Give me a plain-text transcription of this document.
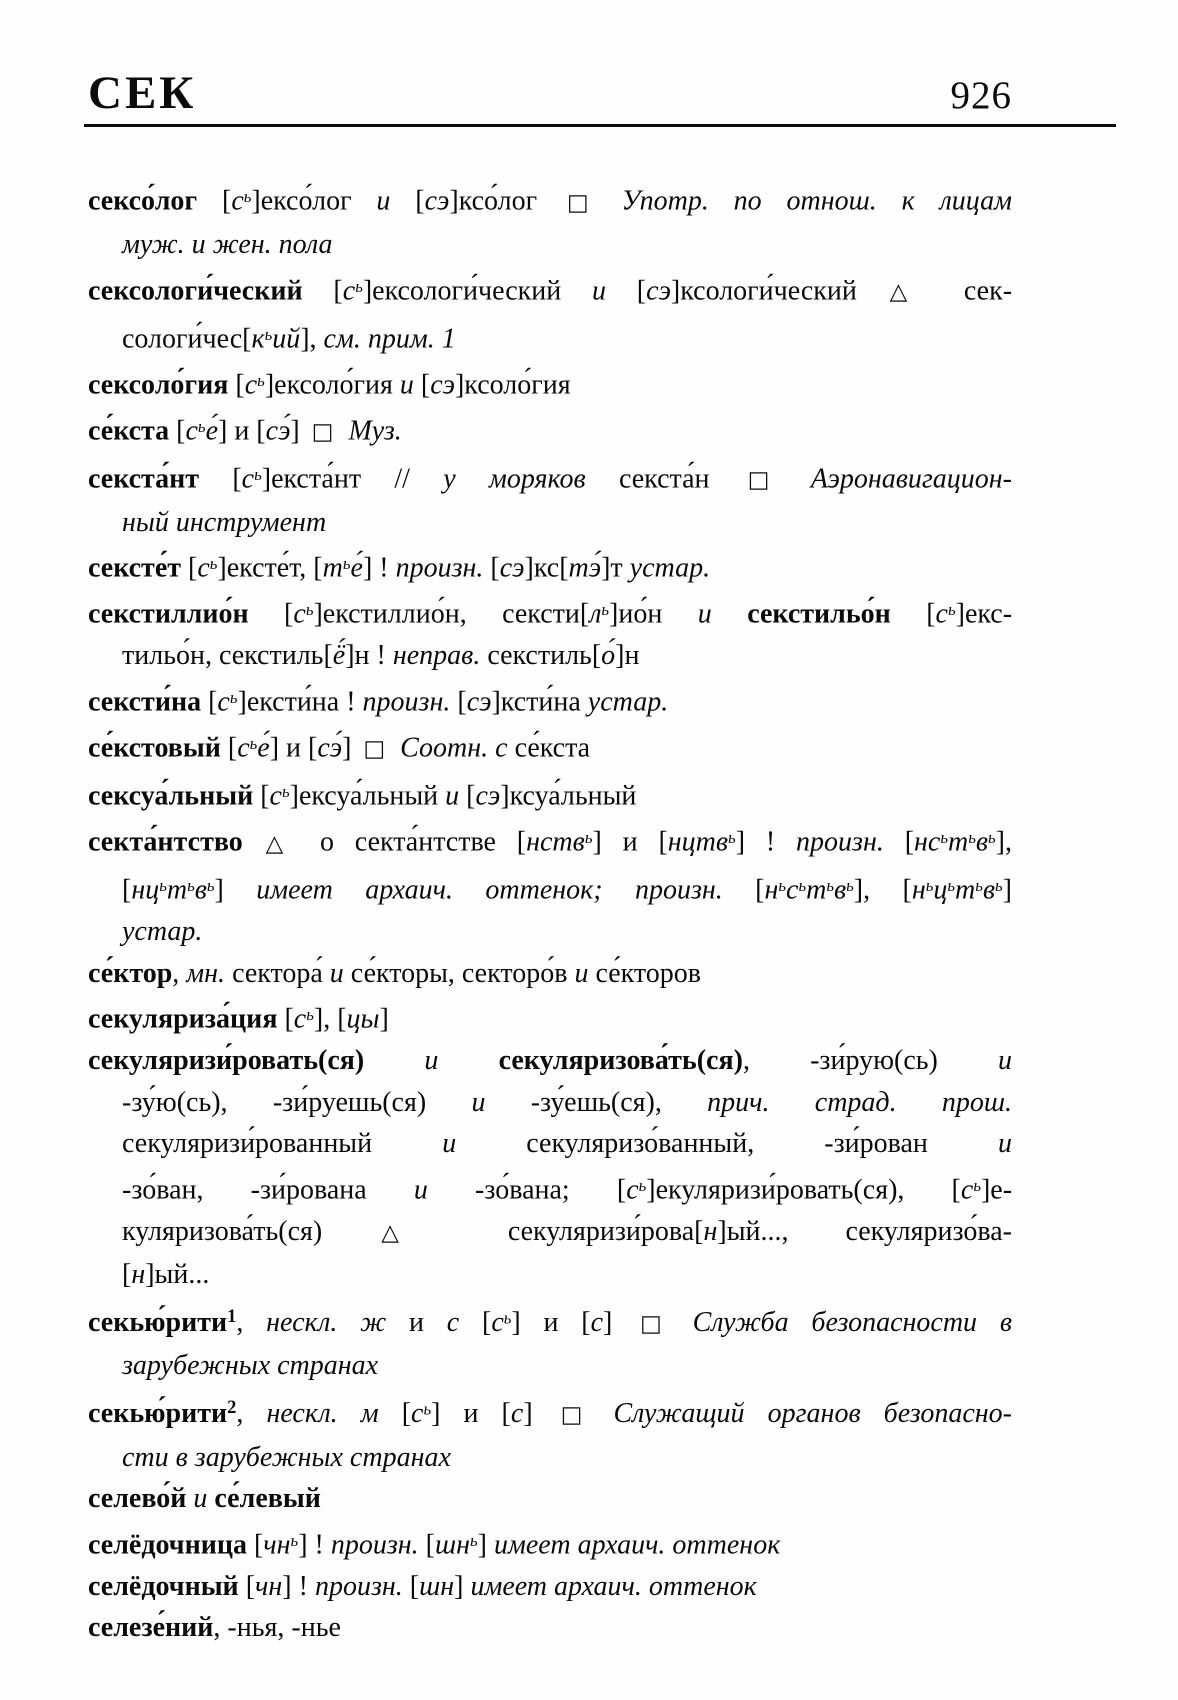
СЕК	926
сексо́лог $[с^ь]ексо́лог$ и [сэ]ксо́лог □ Употр. по отнош. к лицам
муж. и жен. пола
сексологи́ческий $[с^ь]ексологи́ческий$ и [сэ]ксологи́ческий △ сек-
$сологи́чес[к^ьий]$, см. прим. 1
сексоло́гия $[с^ь]ексоло́гия$ и [сэ]ксоло́гия
се́кста $[с^ье́]$ и [сэ́] □ Муз.
секста́нт $[с^ь]екста́нт$ // у моряков секста́н □ Аэронавигацион-
ный инструмент
сексте́т $[с^ь]ексте́т$, $[т^ье́]$ ! произн. [сэ]кс[тэ́]т устар.
секстиллио́н $[с^ь]екстиллио́н$, $сексти[л^ь]ио́н$ и секстильо́н $[с^ь]екс-$
тильо́н, секстиль[ё́]н ! неправ. секстиль[о́]н
сексти́на $[с^ь]eксти́на$ ! произн. [сэ]ксти́на устар.
се́кстовый $[с^ье́]$ и [сэ́] □ Соотн. с се́кста
сексуа́льный $[с^ь]ексуа́льный$ и [сэ]ксуа́льный
секта́нтство △ о секта́нтстве [нств$^ь$] и [нцтв$^ь$] ! произн. $[нс^ьт^ьв^ь]$,
$[нц^ьт^ьв^ь]$ имеет архаич. оттенок; произн. $[н^ьс^ьт^ьв^ь]$, $[н^ьц^ьт^ьв^ь]$
устар.
се́ктор, мн. сектора́ и се́кторы, секторо́в и се́кторов
секуляриза́ция $[с^ь]$, [цы]
секуляризи́ровать(ся) и секуляризова́ть(ся), -зи́рую(сь) и
-зу́ю(сь), -зи́руешь(ся) и -зу́ешь(ся), прич. страд. прош.
секуляризи́рованный и секуляризо́ванный, -зи́рован и
-зо́ван, -зи́рована и -зо́вана; $[с^ь]екуляризи́ровать(ся)$, $[с^ь]е-$
куляризова́ть(ся) △ секуляризи́рова[н]ый..., секуляризо́ва-
[н]ый...
секью́рити$^1$, нескл. ж и с $[с^ь]$ и [с] □ Служба безопасности в
зарубежных странах
секью́рити$^2$, нескл. м $[с^ь]$ и [с] □ Служащий органов безопасно-
сти в зарубежных странах
селево́й и се́левый
селёдочница $[чн^ь]$ ! произн. $[шн^ь]$ имеет архаич. оттенок
селёдочный [чн] ! произн. [шн] имеет архаич. оттенок
селезе́ний, -нья, -нье
